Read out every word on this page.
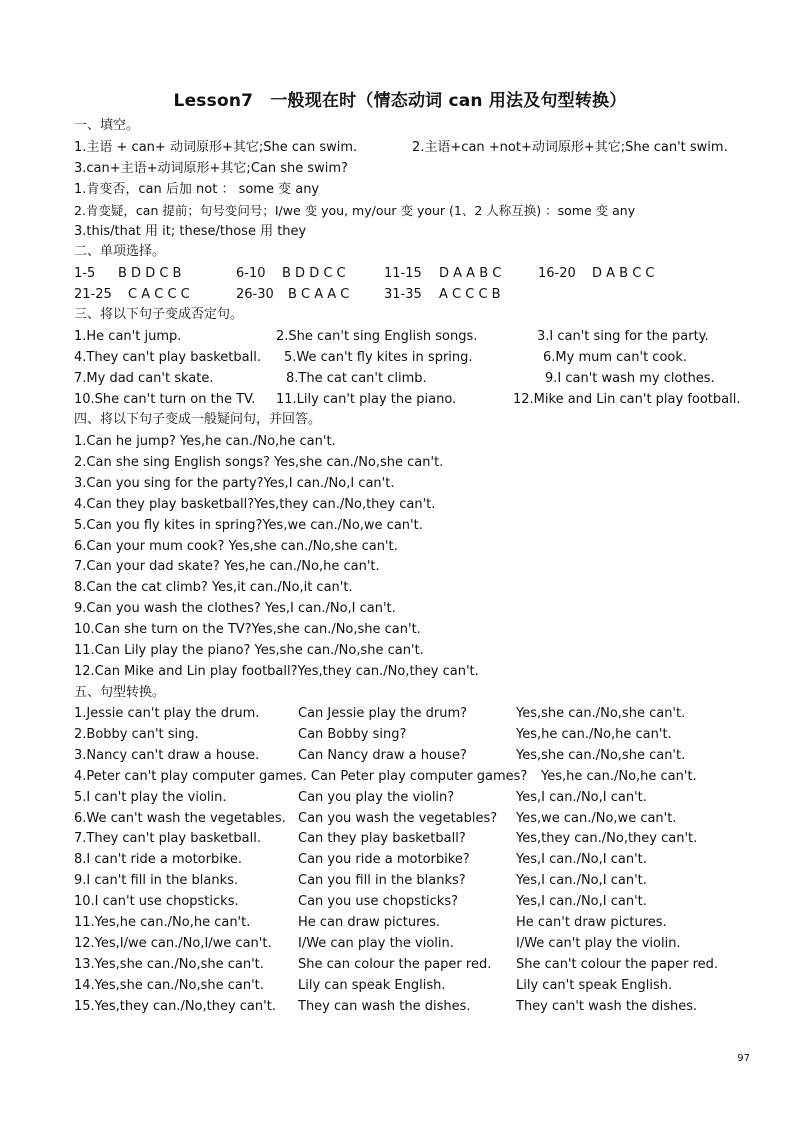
Lesson7　一般现在时（情态动词 can 用法及句型转换）
一、填空。
1.主语 + can+ 动词原形+其它;She can swim.	2.主语+can +not+动词原形+其它;She can't swim.
3.can+主语+动词原形+其它;Can she swim?
1.肯变否，can 后加 not ： some 变 any
2.肯变疑，can 提前；句号变问号；I/we 变 you, my/our 变 your (1、2 人称互换) ：some 变 any
3.this/that 用 it; these/those 用 they
二、单项选择。
1-5 B D D C B	6-10 B D D C C	11-15 D A A B C	16-20 D A B C C
21-25 C A C C C	26-30 B C A A C	31-35 A C C C B
三、将以下句子变成否定句。
1.He can't jump.	2.She can't sing English songs.	3.I can't sing for the party.
4.They can't play basketball. 5.We can't fly kites in spring.	6.My mum can't cook.
7.My dad can't skate.	8.The cat can't climb.	9.I can't wash my clothes.
10.She can't turn on the TV. 11.Lily can't play the piano.	12.Mike and Lin can't play football.
四、将以下句子变成一般疑问句，并回答。
1.Can he jump? Yes,he can./No,he can't.
2.Can she sing English songs? Yes,she can./No,she can't.
3.Can you sing for the party?Yes,I can./No,I can't.
4.Can they play basketball?Yes,they can./No,they can't.
5.Can you fly kites in spring?Yes,we can./No,we can't.
6.Can your mum cook? Yes,she can./No,she can't.
7.Can your dad skate? Yes,he can./No,he can't.
8.Can the cat climb? Yes,it can./No,it can't.
9.Can you wash the clothes? Yes,I can./No,I can't.
10.Can she turn on the TV?Yes,she can./No,she can't.
11.Can Lily play the piano? Yes,she can./No,she can't.
12.Can Mike and Lin play football?Yes,they can./No,they can't.
五、句型转换。
1.Jessie can't play the drum.	Can Jessie play the drum?	Yes,she can./No,she can't.
2.Bobby can't sing.	Can Bobby sing?	Yes,he can./No,he can't.
3.Nancy can't draw a house.	Can Nancy draw a house?	Yes,she can./No,she can't.
4.Peter can't play computer games. Can Peter play computer games? Yes,he can./No,he can't.
5.I can't play the violin.	Can you play the violin?	Yes,I can./No,I can't.
6.We can't wash the vegetables. Can you wash the vegetables? Yes,we can./No,we can't.
7.They can't play basketball.	Can they play basketball?	Yes,they can./No,they can't.
8.I can't ride a motorbike.	Can you ride a motorbike?	Yes,I can./No,I can't.
9.I can't fill in the blanks.	Can you fill in the blanks?	Yes,I can./No,I can't.
10.I can't use chopsticks.	Can you use chopsticks?	Yes,I can./No,I can't.
11.Yes,he can./No,he can't.	He can draw pictures.	He can't draw pictures.
12.Yes,I/we can./No,I/we can't. I/We can play the violin.	I/We can't play the violin.
13.Yes,she can./No,she can't.	She can colour the paper red. She can't colour the paper red.
14.Yes,she can./No,she can't.	Lily can speak English.	Lily can't speak English.
15.Yes,they can./No,they can't. They can wash the dishes.	They can't wash the dishes.
97
